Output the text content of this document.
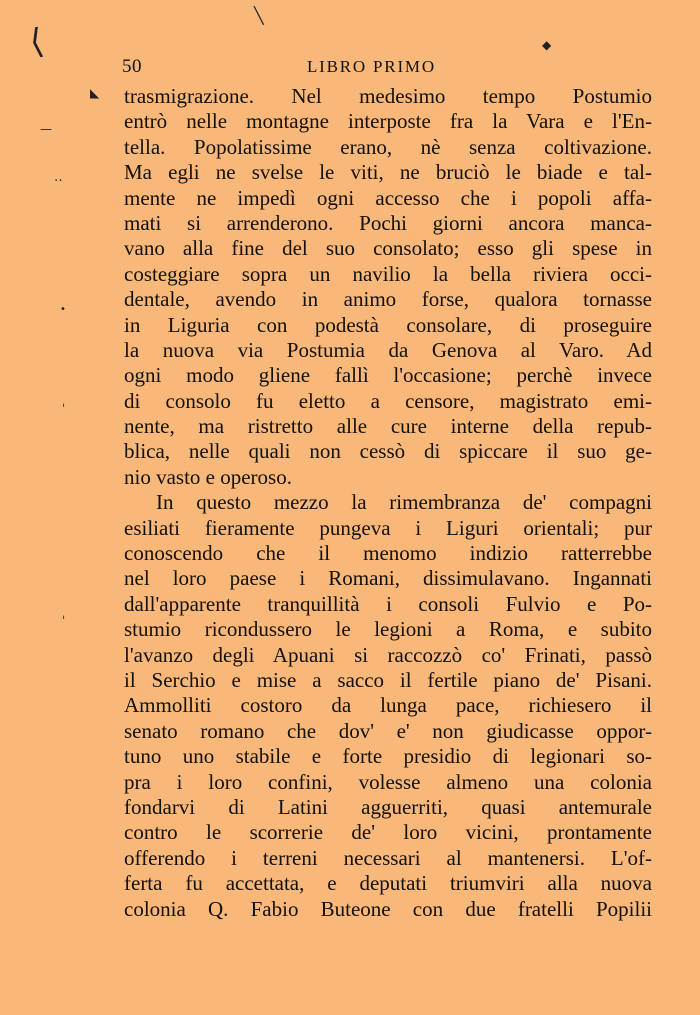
⟨
╲
◆
◣
—
‥
•
ˈ
ˈ
50	LIBRO PRIMO
trasmigrazione. Nel medesimo tempo Postumio
entrò nelle montagne interposte fra la Vara e l'En-
tella. Popolatissime erano, nè senza coltivazione.
Ma egli ne svelse le viti, ne bruciò le biade e tal-
mente ne impedì ogni accesso che i popoli affa-
mati si arrenderono. Pochi giorni ancora manca-
vano alla fine del suo consolato; esso gli spese in
costeggiare sopra un navilio la bella riviera occi-
dentale, avendo in animo forse, qualora tornasse
in Liguria con podestà consolare, di proseguire
la nuova via Postumia da Genova al Varo. Ad
ogni modo gliene fallì l'occasione; perchè invece
di consolo fu eletto a censore, magistrato emi-
nente, ma ristretto alle cure interne della repub-
blica, nelle quali non cessò di spiccare il suo ge-
nio vasto e operoso.
In questo mezzo la rimembranza de' compagni
esiliati fieramente pungeva i Liguri orientali; pur
conoscendo che il menomo indizio ratterrebbe
nel loro paese i Romani, dissimulavano. Ingannati
dall'apparente tranquillità i consoli Fulvio e Po-
stumio ricondussero le legioni a Roma, e subito
l'avanzo degli Apuani si raccozzò co' Frinati, passò
il Serchio e mise a sacco il fertile piano de' Pisani.
Ammolliti costoro da lunga pace, richiesero il
senato romano che dov' e' non giudicasse oppor-
tuno uno stabile e forte presidio di legionari so-
pra i loro confini, volesse almeno una colonia
fondarvi di Latini agguerriti, quasi antemurale
contro le scorrerie de' loro vicini, prontamente
offerendo i terreni necessari al mantenersi. L'of-
ferta fu accettata, e deputati triumviri alla nuova
colonia Q. Fabio Buteone con due fratelli Popilii
